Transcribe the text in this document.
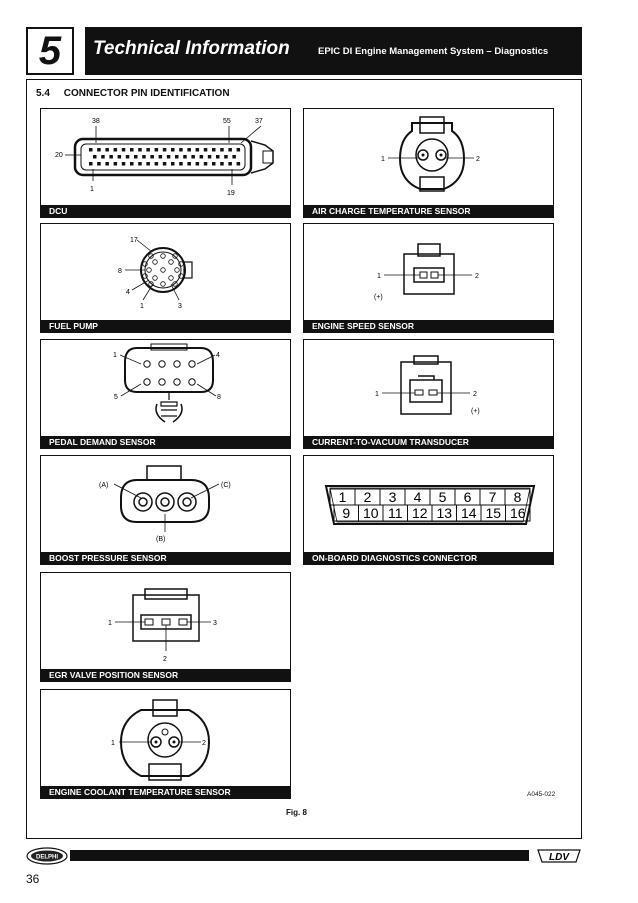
5	Technical Information	EPIC DI Engine Management System – Diagnostics
5.4     CONNECTOR PIN IDENTIFICATION
38	55	37
20
1
19
DCU
1	2
AIR CHARGE TEMPERATURE SENSOR
17
8
4
1	3
FUEL PUMP
1	2
(+)
ENGINE SPEED SENSOR
1	4
5	8
PEDAL DEMAND SENSOR
1	2
(+)
CURRENT-TO-VACUUM TRANSDUCER
(A)	(C)
(B)
BOOST PRESSURE SENSOR
1 2 3 4 5 6 7 8
9 10 11 12 13 14 15 16
ON-BOARD DIAGNOSTICS CONNECTOR
1	3
2
EGR VALVE POSITION SENSOR
1	2
ENGINE COOLANT TEMPERATURE SENSOR	A045-022
Fig. 8
DELPHI	LDV
36
